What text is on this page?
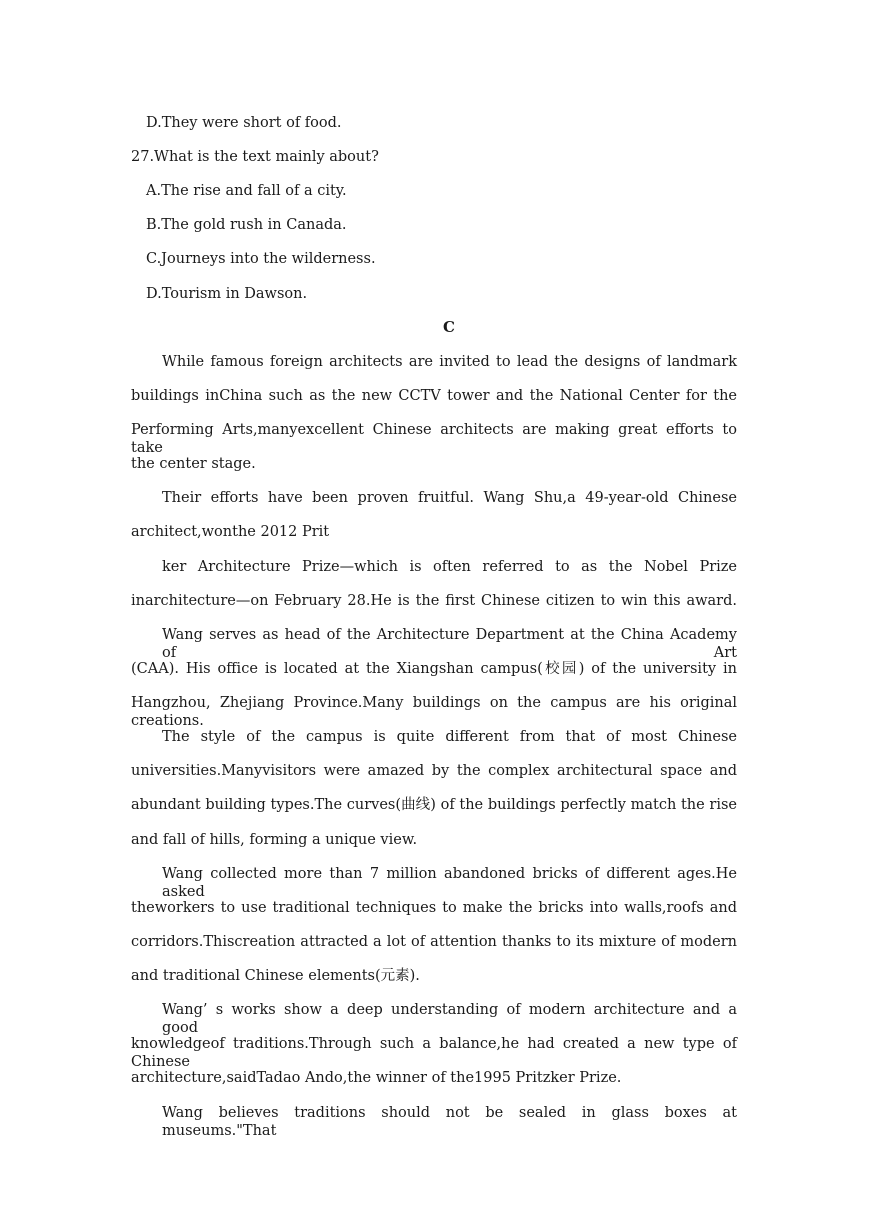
D.They were short of food.
27.What is the text mainly about?
A.The rise and fall of a city.
B.The gold rush in Canada.
C.Journeys into the wilderness.
D.Tourism in Dawson.
C
While famous foreign architects are invited to lead the designs of landmark
buildings inChina such as the new CCTV tower and the National Center for the
Performing Arts,manyexcellent Chinese architects are making great efforts to take
the center stage.
Their efforts have been proven fruitful. Wang Shu,a 49-year-old Chinese
architect,wonthe 2012 Prit
ker Architecture Prize—which is often referred to as the Nobel Prize
inarchitecture—on February 28.He is the first Chinese citizen to win this award.
Wang serves as head of the Architecture Department at the China Academy of Art
(CAA). His office is located at the Xiangshan campus(校园) of the university in
Hangzhou, Zhejiang Province.Many buildings on the campus are his original creations.
The style of the campus is quite different from that of most Chinese
universities.Manyvisitors were amazed by the complex architectural space and
abundant building types.The curves(曲线) of the buildings perfectly match the rise
and fall of hills, forming a unique view.
Wang collected more than 7 million abandoned bricks of different ages.He asked
theworkers to use traditional techniques to make the bricks into walls,roofs and
corridors.Thiscreation attracted a lot of attention thanks to its mixture of modern
and traditional Chinese elements(元素).
Wang’ s works show a deep understanding of modern architecture and a good
knowledgeof traditions.Through such a balance,he had created a new type of Chinese
architecture,saidTadao Ando,the winner of the1995 Pritzker Prize.
Wang believes traditions should not be sealed in glass boxes at museums."That
